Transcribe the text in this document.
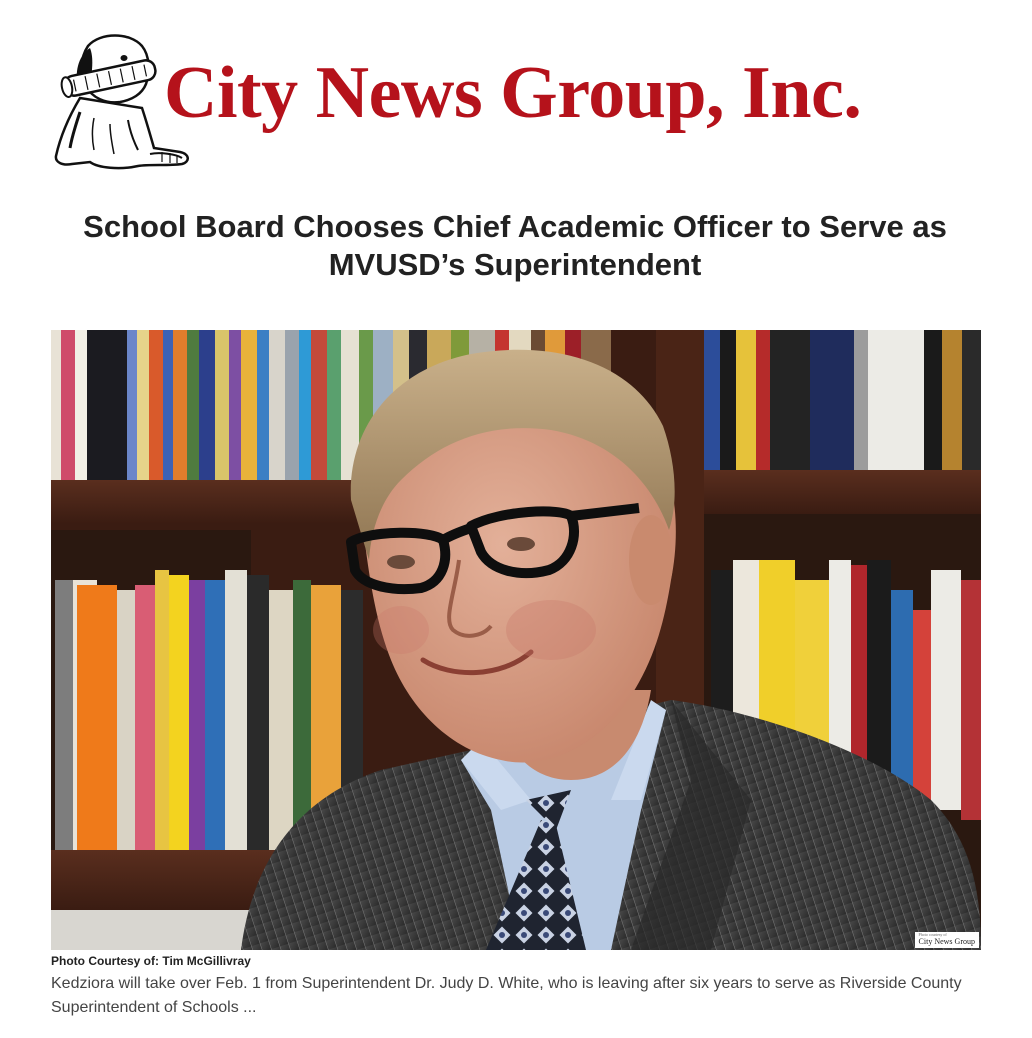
City News Group, Inc.
School Board Chooses Chief Academic Officer to Serve as MVUSD’s Superintendent
Photo courtesy of
City News Group
Photo Courtesy of: Tim McGillivray

Kedziora will take over Feb. 1 from Superintendent Dr. Judy D. White, who is leaving after six years to serve as Riverside County Superintendent of Schools ...
